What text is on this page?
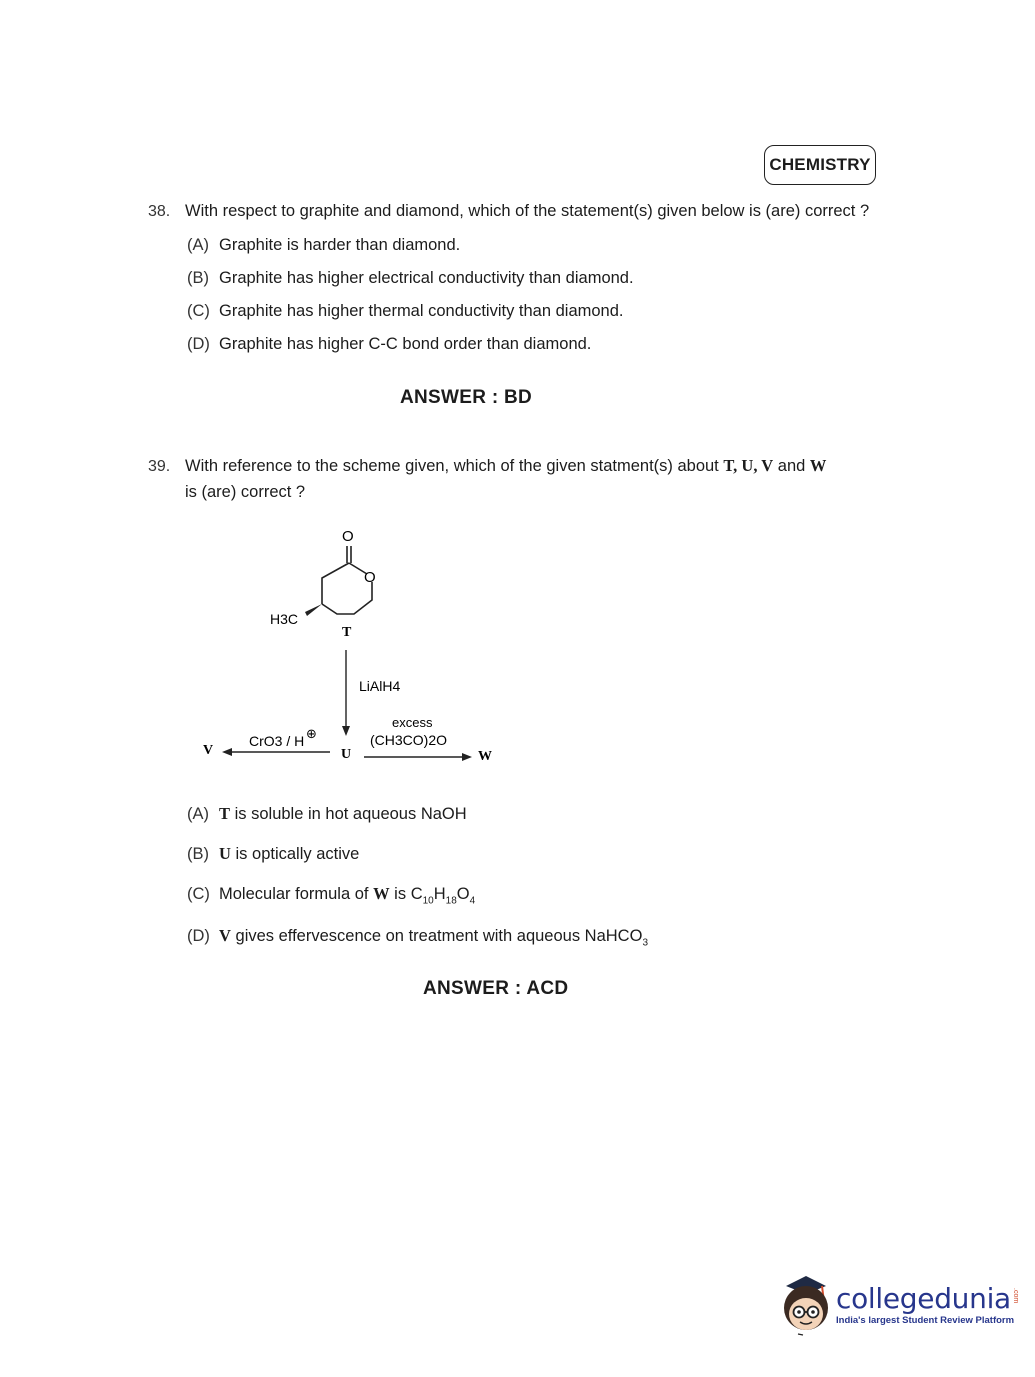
CHEMISTRY
38. With respect to graphite and diamond, which of the statement(s) given below is (are) correct ?
(A) Graphite is harder than diamond.
(B) Graphite has higher electrical conductivity than diamond.
(C) Graphite has higher thermal conductivity than diamond.
(D) Graphite has higher C-C bond order than diamond.
ANSWER : BD
39. With reference to the scheme given, which of the given statment(s) about T, U, V and W
is (are) correct ?
O
O
H3C
T
LiAlH4
U
V
CrO3 / H ⊕
W
excess
(CH3CO)2O
(A) T is soluble in hot aqueous NaOH
(B) U is optically active
(C) Molecular formula of W is $C_{10}H_{18}O_4$
(D) V gives effervescence on treatment with aqueous NaHCO$_3$
ANSWER : ACD
collegedunia .com
India's largest Student Review Platform
